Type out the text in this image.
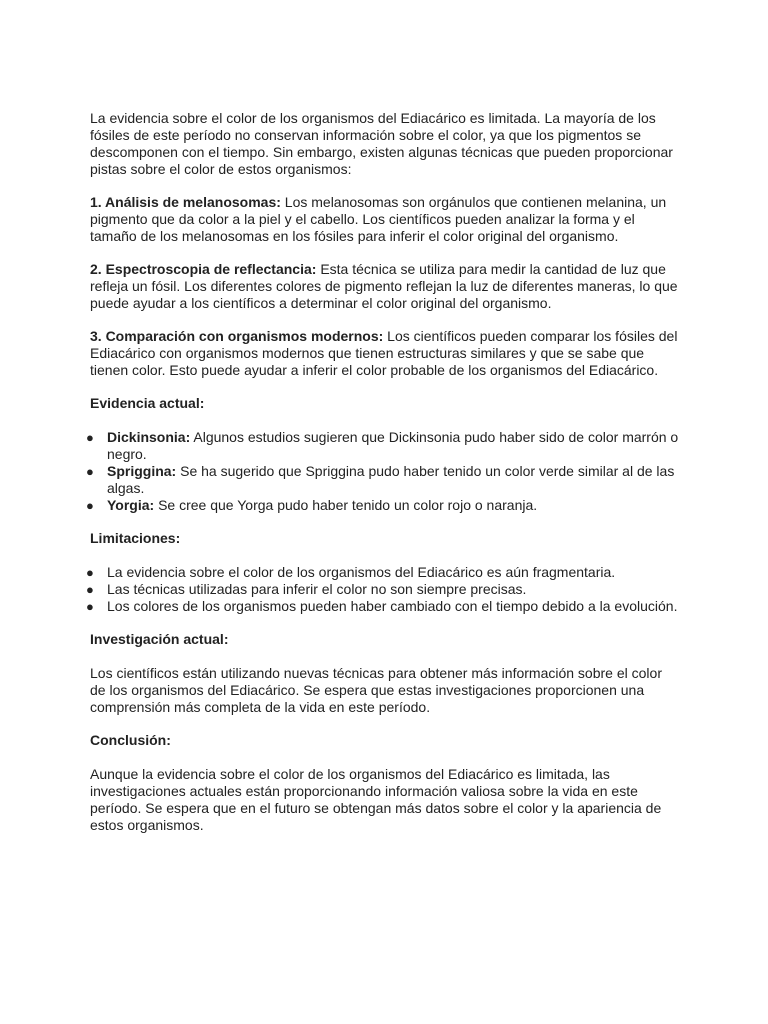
La evidencia sobre el color de los organismos del Ediacárico es limitada. La mayoría de los fósiles de este período no conservan información sobre el color, ya que los pigmentos se descomponen con el tiempo. Sin embargo, existen algunas técnicas que pueden proporcionar pistas sobre el color de estos organismos:

1. Análisis de melanosomas: Los melanosomas son orgánulos que contienen melanina, un pigmento que da color a la piel y el cabello. Los científicos pueden analizar la forma y el tamaño de los melanosomas en los fósiles para inferir el color original del organismo.

2. Espectroscopia de reflectancia: Esta técnica se utiliza para medir la cantidad de luz que refleja un fósil. Los diferentes colores de pigmento reflejan la luz de diferentes maneras, lo que puede ayudar a los científicos a determinar el color original del organismo.

3. Comparación con organismos modernos: Los científicos pueden comparar los fósiles del Ediacárico con organismos modernos que tienen estructuras similares y que se sabe que tienen color. Esto puede ayudar a inferir el color probable de los organismos del Ediacárico.

Evidencia actual:
● Dickinsonia: Algunos estudios sugieren que Dickinsonia pudo haber sido de color marrón o negro.
● Spriggina: Se ha sugerido que Spriggina pudo haber tenido un color verde similar al de las algas.
● Yorgia: Se cree que Yorga pudo haber tenido un color rojo o naranja.
Limitaciones:
● La evidencia sobre el color de los organismos del Ediacárico es aún fragmentaria.
● Las técnicas utilizadas para inferir el color no son siempre precisas.
● Los colores de los organismos pueden haber cambiado con el tiempo debido a la evolución.
Investigación actual:

Los científicos están utilizando nuevas técnicas para obtener más información sobre el color de los organismos del Ediacárico. Se espera que estas investigaciones proporcionen una comprensión más completa de la vida en este período.

Conclusión:

Aunque la evidencia sobre el color de los organismos del Ediacárico es limitada, las investigaciones actuales están proporcionando información valiosa sobre la vida en este período. Se espera que en el futuro se obtengan más datos sobre el color y la apariencia de estos organismos.
